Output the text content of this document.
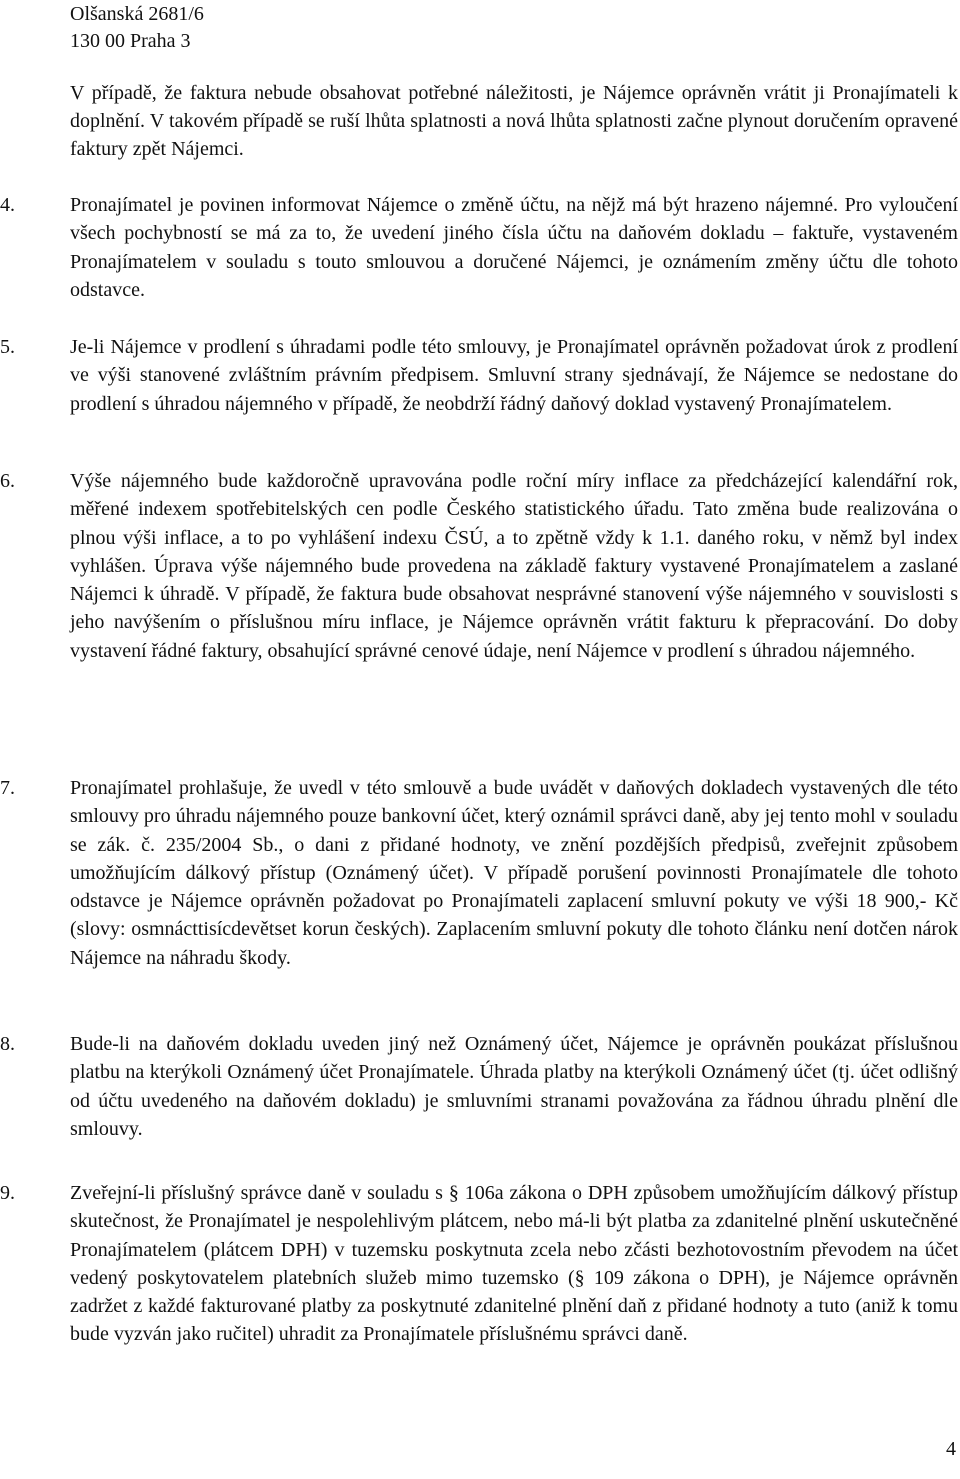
Olšanská 2681/6
130 00 Praha 3
V případě, že faktura nebude obsahovat potřebné náležitosti, je Nájemce oprávněn vrátit ji Pronajímateli k doplnění. V takovém případě se ruší lhůta splatnosti a nová lhůta splatnosti začne plynout doručením opravené faktury zpět Nájemci.
4.	Pronajímatel je povinen informovat Nájemce o změně účtu, na nějž má být hrazeno nájemné. Pro vyloučení všech pochybností se má za to, že uvedení jiného čísla účtu na daňovém dokladu – faktuře, vystaveném Pronajímatelem v souladu s touto smlouvou a doručené Nájemci, je oznámením změny účtu dle tohoto odstavce.
5.	Je-li Nájemce v prodlení s úhradami podle této smlouvy, je Pronajímatel oprávněn požadovat úrok z prodlení ve výši stanovené zvláštním právním předpisem. Smluvní strany sjednávají, že Nájemce se nedostane do prodlení s úhradou nájemného v případě, že neobdrží řádný daňový doklad vystavený Pronajímatelem.
6.	Výše nájemného bude každoročně upravována podle roční míry inflace za předcházející kalendářní rok, měřené indexem spotřebitelských cen podle Českého statistického úřadu. Tato změna bude realizována o plnou výši inflace, a to po vyhlášení indexu ČSÚ, a to zpětně vždy k 1.1. daného roku, v němž byl index vyhlášen. Úprava výše nájemného bude provedena na základě faktury vystavené Pronajímatelem a zaslané Nájemci k úhradě. V případě, že faktura bude obsahovat nesprávné stanovení výše nájemného v souvislosti s jeho navýšením o příslušnou míru inflace, je Nájemce oprávněn vrátit fakturu k přepracování. Do doby vystavení řádné faktury, obsahující správné cenové údaje, není Nájemce v prodlení s úhradou nájemného.
7.	Pronajímatel prohlašuje, že uvedl v této smlouvě a bude uvádět v daňových dokladech vystavených dle této smlouvy pro úhradu nájemného pouze bankovní účet, který oznámil správci daně, aby jej tento mohl v souladu se zák. č. 235/2004 Sb., o dani z přidané hodnoty, ve znění pozdějších předpisů, zveřejnit způsobem umožňujícím dálkový přístup (Oznámený účet). V případě porušení povinnosti Pronajímatele dle tohoto odstavce je Nájemce oprávněn požadovat po Pronajímateli zaplacení smluvní pokuty ve výši 18 900,- Kč (slovy: osmnácttisícdevětset korun českých). Zaplacením smluvní pokuty dle tohoto článku není dotčen nárok Nájemce na náhradu škody.
8.	Bude-li na daňovém dokladu uveden jiný než Oznámený účet, Nájemce je oprávněn poukázat příslušnou platbu na kterýkoli Oznámený účet Pronajímatele. Úhrada platby na kterýkoli Oznámený účet (tj. účet odlišný od účtu uvedeného na daňovém dokladu) je smluvními stranami považována za řádnou úhradu plnění dle smlouvy.
9.	Zveřejní-li příslušný správce daně v souladu s § 106a zákona o DPH způsobem umožňujícím dálkový přístup skutečnost, že Pronajímatel je nespolehlivým plátcem, nebo má-li být platba za zdanitelné plnění uskutečněné Pronajímatelem (plátcem DPH) v tuzemsku poskytnuta zcela nebo zčásti bezhotovostním převodem na účet vedený poskytovatelem platebních služeb mimo tuzemsko (§ 109 zákona o DPH), je Nájemce oprávněn zadržet z každé fakturované platby za poskytnuté zdanitelné plnění daň z přidané hodnoty a tuto (aniž k tomu bude vyzván jako ručitel) uhradit za Pronajímatele příslušnému správci daně.
4
